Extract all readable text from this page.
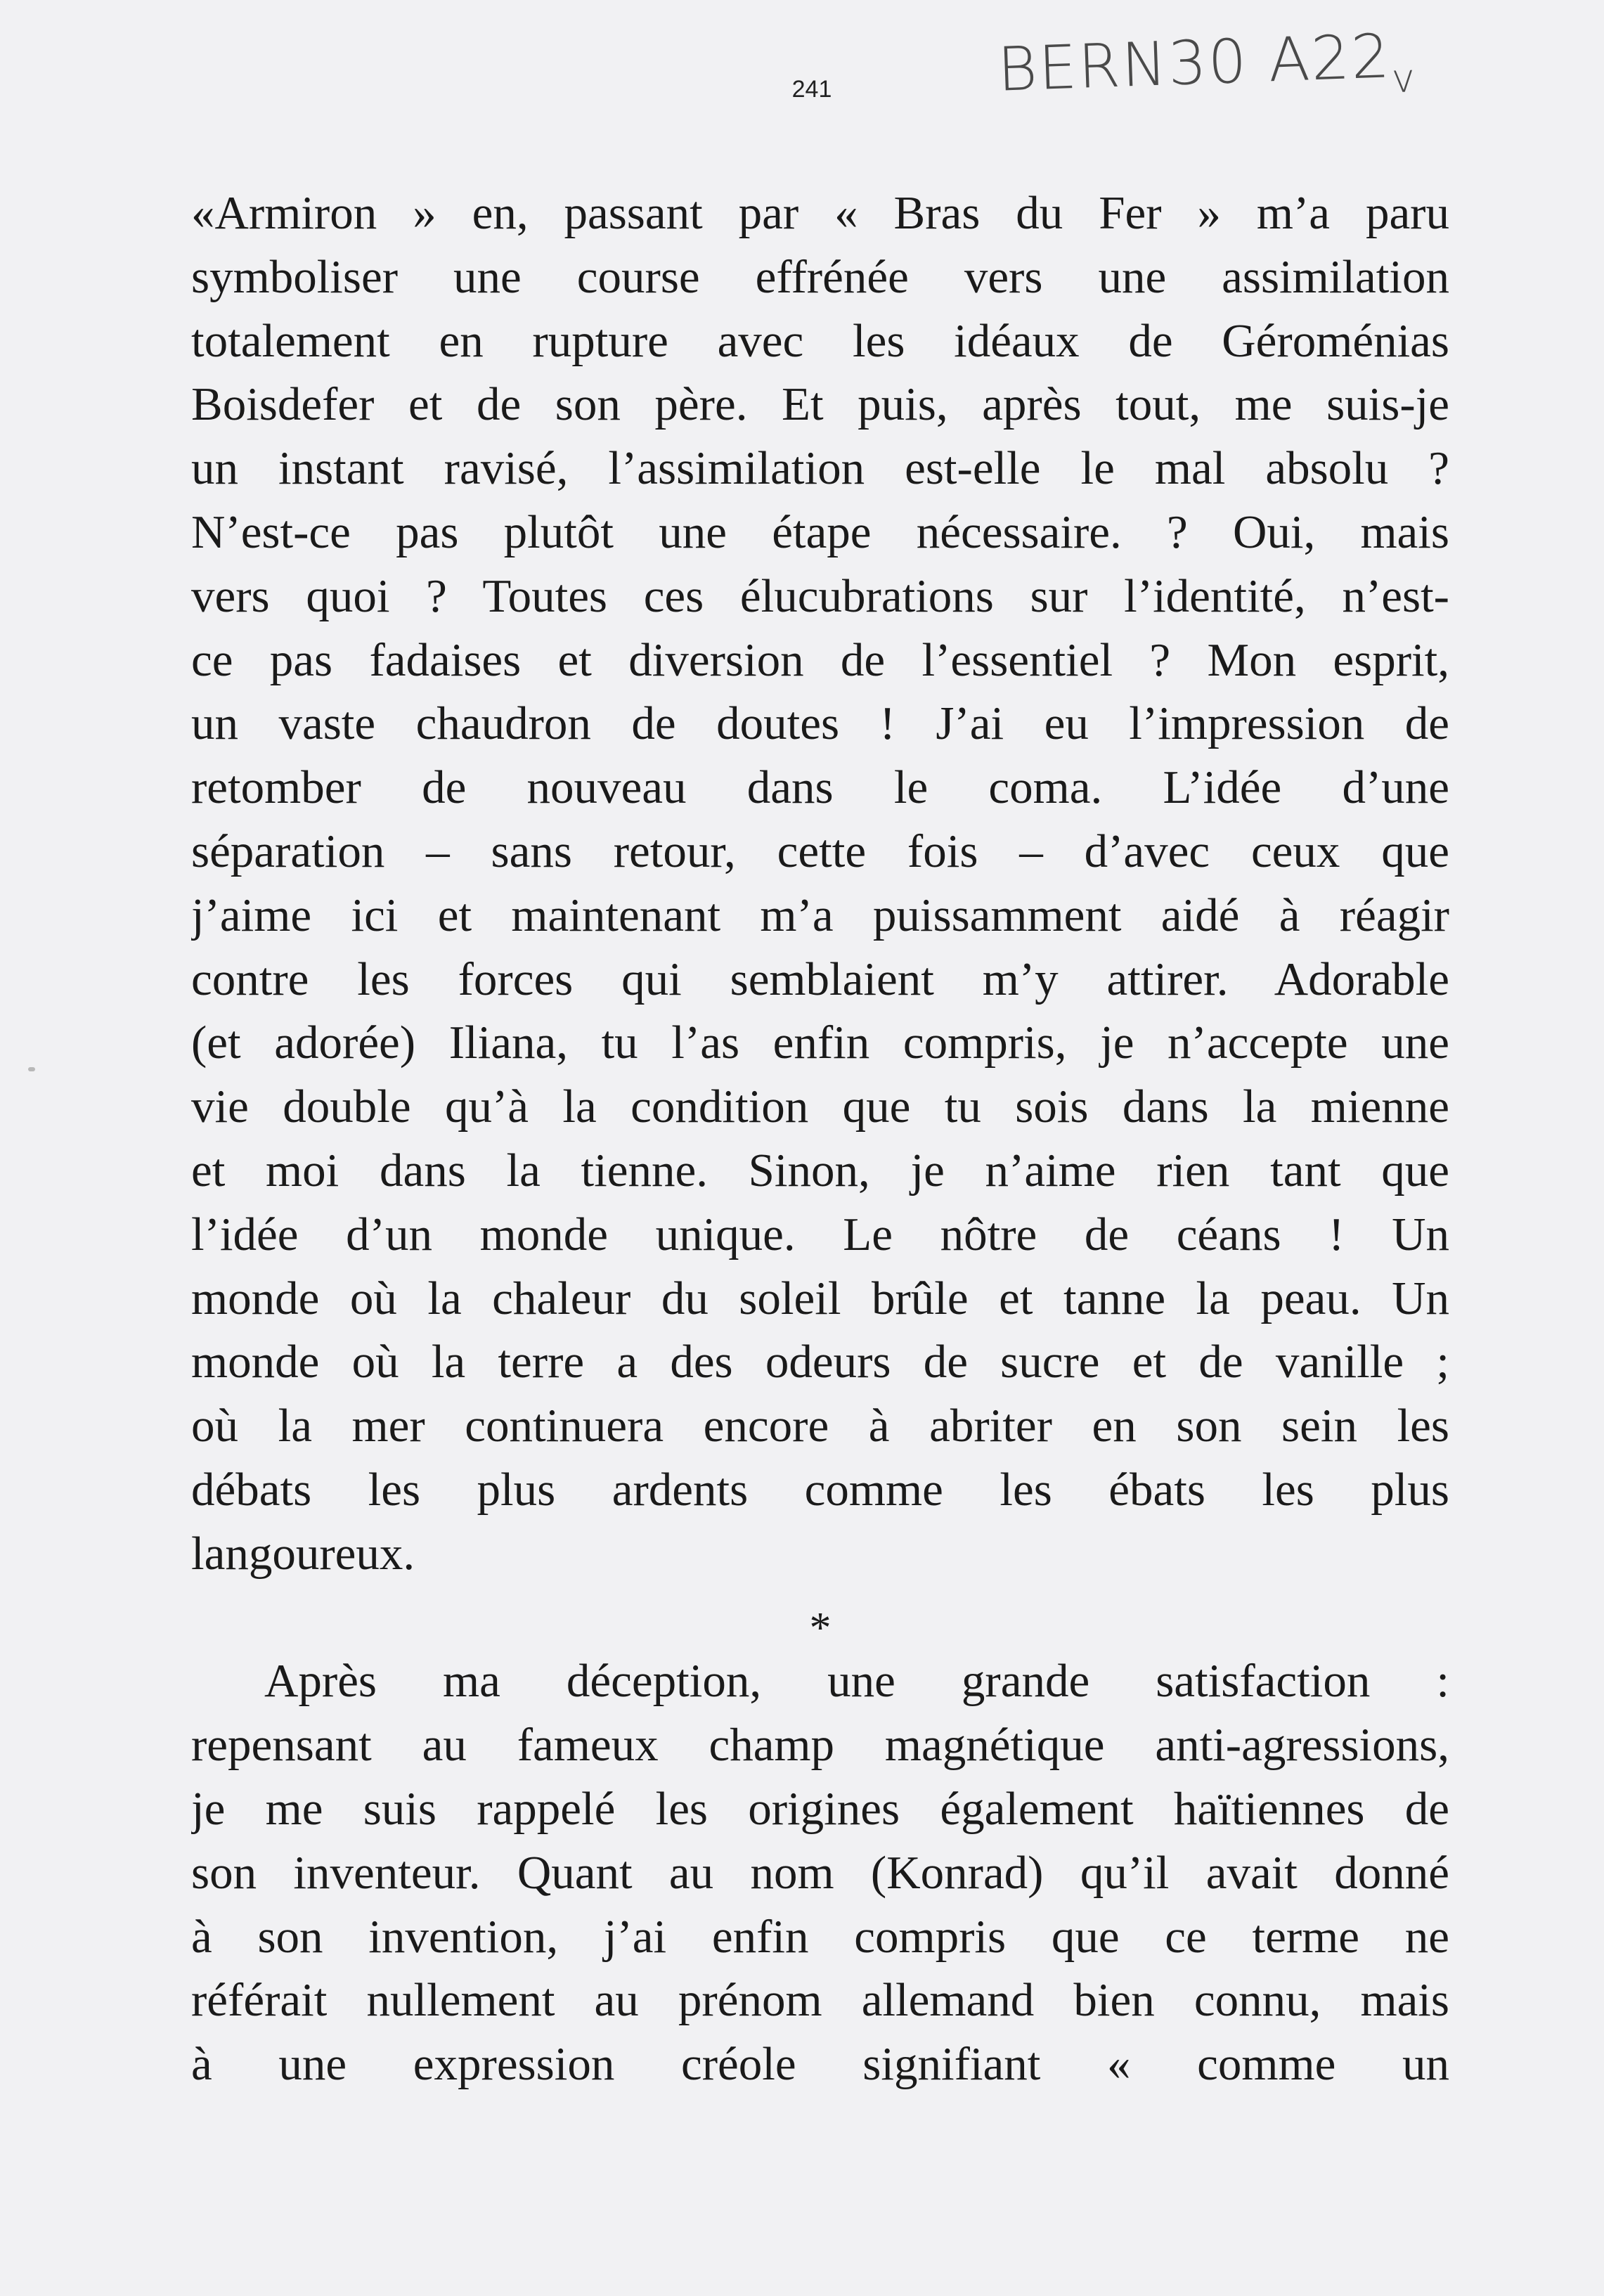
241	BERN30 $A22_v$
«Armiron » en, passant par « Bras du Fer » m’a paru
symboliser une course effrénée vers une assimilation
totalement en rupture avec les idéaux de Géroménias
Boisdefer et de son père. Et puis, après tout, me suis-je
un instant ravisé, l’assimilation est-elle le mal absolu ?
N’est-ce pas plutôt une étape nécessaire. ? Oui, mais
vers quoi ? Toutes ces élucubrations sur l’identité, n’est-
ce pas fadaises et diversion de l’essentiel ? Mon esprit,
un vaste chaudron de doutes ! J’ai eu l’impression de
retomber de nouveau dans le coma. L’idée d’une
séparation – sans retour, cette fois – d’avec ceux que
j’aime ici et maintenant m’a puissamment aidé à réagir
contre les forces qui semblaient m’y attirer. Adorable
(et adorée) Iliana, tu l’as enfin compris, je n’accepte une
vie double qu’à la condition que tu sois dans la mienne
et moi dans la tienne. Sinon, je n’aime rien tant que
l’idée d’un monde unique. Le nôtre de céans ! Un
monde où la chaleur du soleil brûle et tanne la peau. Un
monde où la terre a des odeurs de sucre et de vanille ;
où la mer continuera encore à abriter en son sein les
débats les plus ardents comme les ébats les plus
langoureux.
*
Après ma déception, une grande satisfaction :
repensant au fameux champ magnétique anti-agressions,
je me suis rappelé les origines également haïtiennes de
son inventeur. Quant au nom (Konrad) qu’il avait donné
à son invention, j’ai enfin compris que ce terme ne
référait nullement au prénom allemand bien connu, mais
à une expression créole signifiant « comme un
